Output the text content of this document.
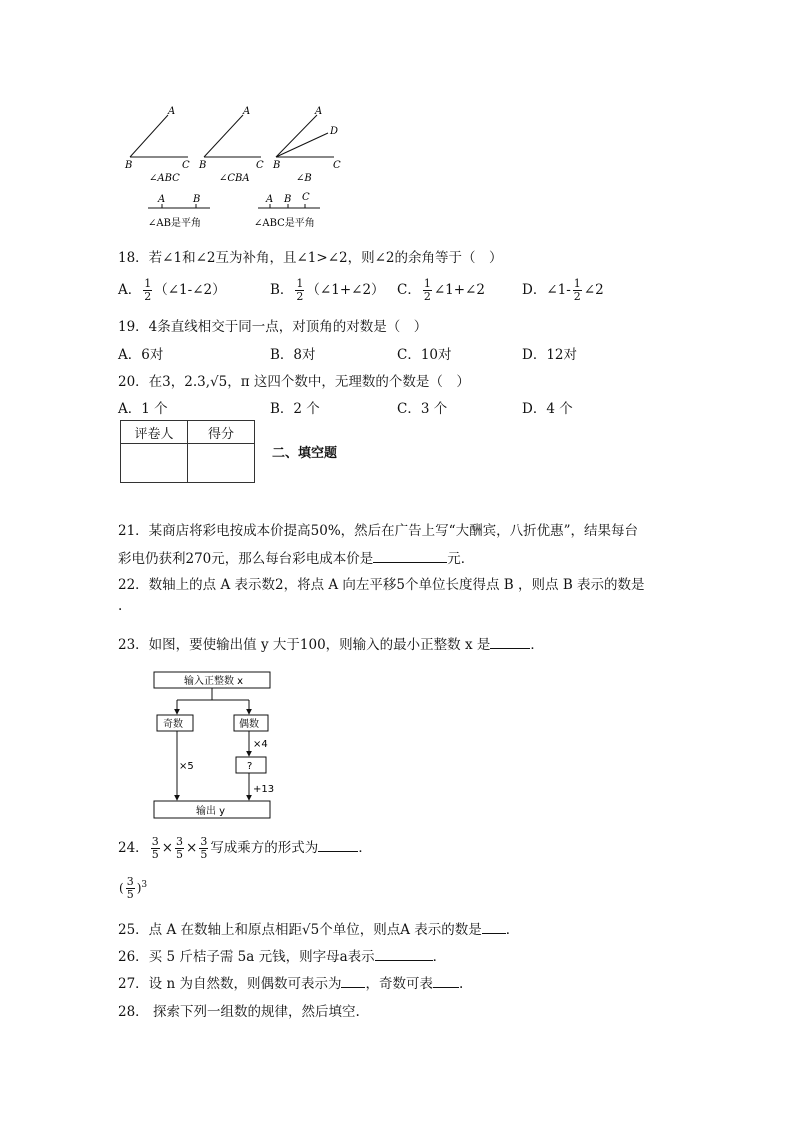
A
B	C
∠ABC
A
B	C
∠CBA
A
D
B	C
∠B
A	B
∠AB是平角
A B C
∠ABC是平角
18．若∠1和∠2互为补角，且∠1>∠2，则∠2的余角等于（　）
A． $\frac{1}{2}$ （∠1-∠2）	B． $\frac{1}{2}$ （∠1+∠2） C． $\frac{1}{2}$ ∠1+∠2	D．∠1- $\frac{1}{2}$ ∠2
19．4条直线相交于同一点，对顶角的对数是（　）
A．6对	B．8对	C．10对	D．12对
20．在3，2.3,√5，π 这四个数中，无理数的个数是（　）
A．1 个	B．2 个	C．3 个	D．4 个
评卷人	得分

二、填空题
21．某商店将彩电按成本价提高50%，然后在广告上写“大酬宾，八折优惠”，结果每台
彩电仍获利270元，那么每台彩电成本价是	元．
22．数轴上的点 A 表示数2，将点 A 向左平移5个单位长度得点 B ，则点 B 表示的数是
.
23．如图，要使输出值 y 大于100，则输入的最小正整数 x 是	．
输入正整数 x
奇数	偶数
×5
×4
?
+13
输出 y
24． $\frac{3}{5} \times \frac{3}{5} \times \frac{3}{5}$ 写成乘方的形式为	．
( $\frac{3}{5} )^3$
25．点 A 在数轴上和原点相距√5个单位，则点A 表示的数是 ．
26．买 5 斤桔子需 5a 元钱，则字母a表示	．
27．设 n 为自然数，则偶数可表示为 ，奇数可表 .
28． 探索下列一组数的规律，然后填空.
